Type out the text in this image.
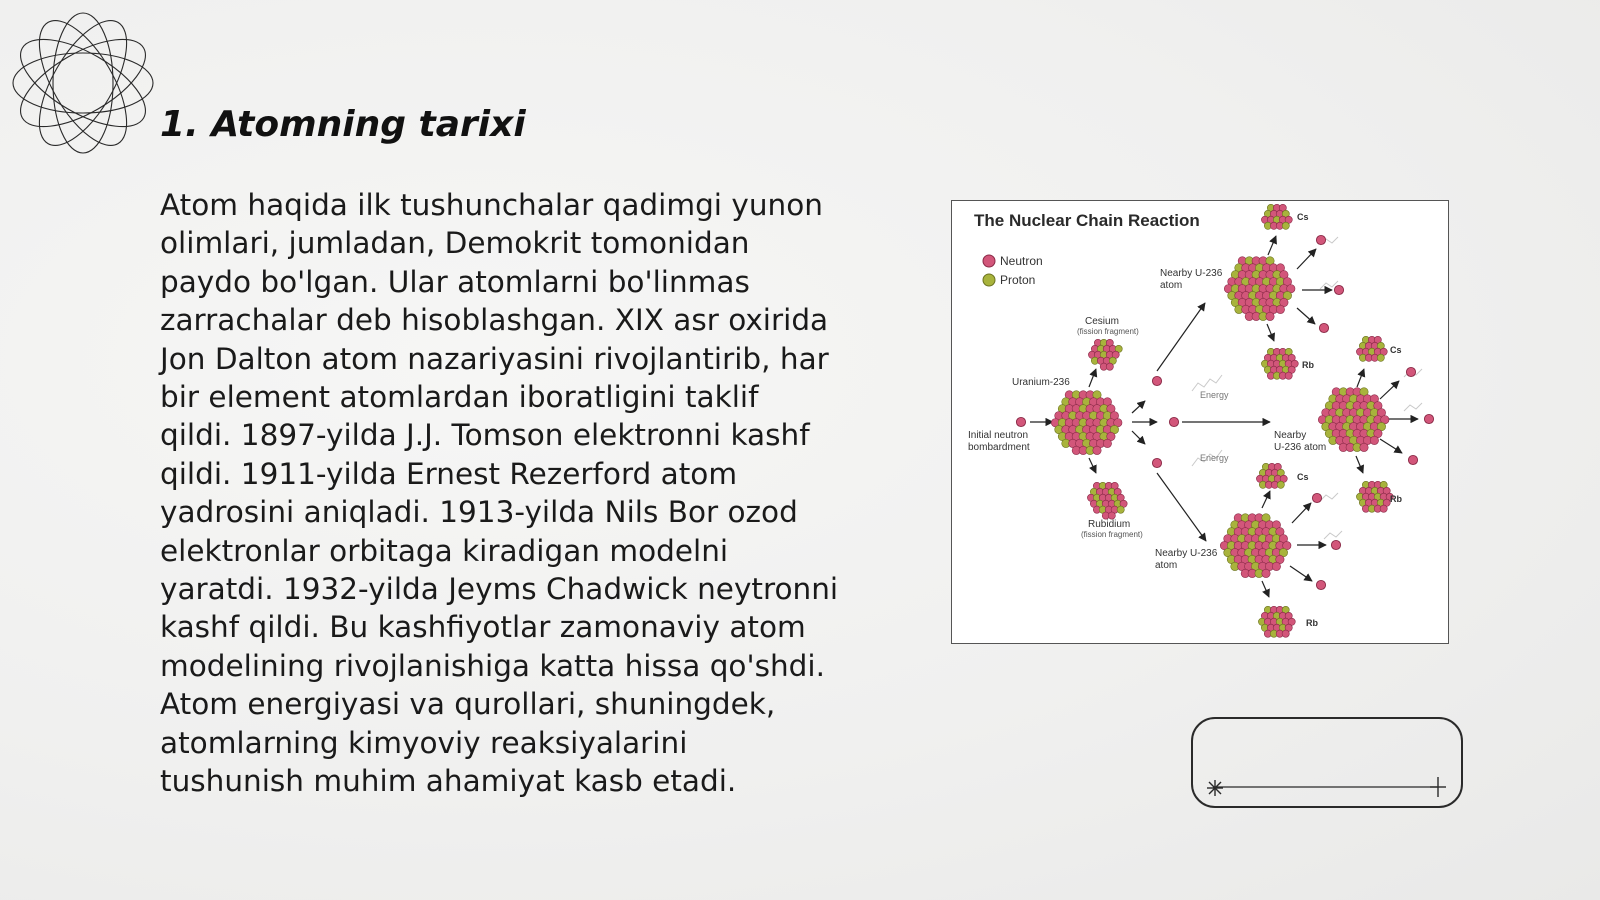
1. Atomning tarixi

Atom haqida ilk tushunchalar qadimgi yunon
olimlari, jumladan, Demokrit tomonidan
paydo bo'lgan. Ular atomlarni bo'linmas
zarrachalar deb hisoblashgan. XIX asr oxirida
Jon Dalton atom nazariyasini rivojlantirib, har
bir element atomlardan iboratligini taklif
qildi. 1897-yilda J.J. Tomson elektronni kashf
qildi. 1911-yilda Ernest Rezerford atom
yadrosini aniqladi. 1913-yilda Nils Bor ozod
elektronlar orbitaga kiradigan modelni
yaratdi. 1932-yilda Jeyms Chadwick neytronni
kashf qildi. Bu kashfiyotlar zamonaviy atom
modelining rivojlanishiga katta hissa qo'shdi.
Atom energiyasi va qurollari, shuningdek,
atomlarning kimyoviy reaksiyalarini
tushunish muhim ahamiyat kasb etadi.

The Nuclear Chain Reaction
Neutron
Proton
Initial neutron
bombardment
Uranium-236
Cesium
(fission fragment)
Rubidium
(fission fragment)
Nearby U-236
atom
Nearby
U-236 atom
Nearby U-236
atom
Energy
Energy
Cs
Cs
Cs
Rb
Rb
Rb
